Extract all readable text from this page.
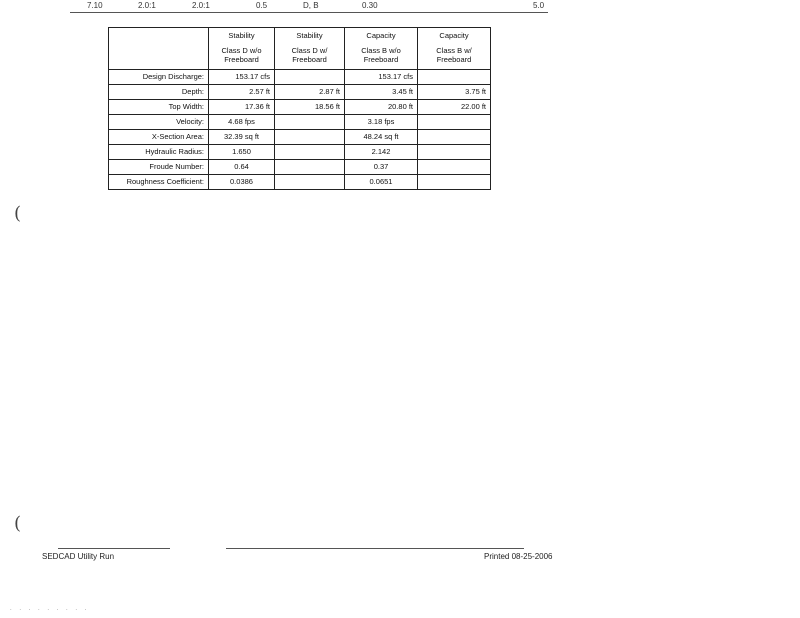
7.10	2.0:1	2.0:1	0.5	D, B	0.30	5.0

	Stability
Class D w/o
Freeboard	Stability
Class D w/
Freeboard	Capacity
Class B w/o
Freeboard	Capacity
Class B w/
Freeboard

Design Discharge:	153.17 cfs		153.17 cfs	
Depth:	2.57 ft	2.87 ft	3.45 ft	3.75 ft
Top Width:	17.36 ft	18.56 ft	20.80 ft	22.00 ft
Velocity:	4.68 fps		3.18 fps	
X-Section Area:	32.39 sq ft		48.24 sq ft	
Hydraulic Radius:	1.650		2.142	
Froude Number:	0.64		0.37	
Roughness Coefficient:	0.0386		0.0651	
(
(
SEDCAD Utility Run	Printed 08-25-2006
. . . . . . . . .
